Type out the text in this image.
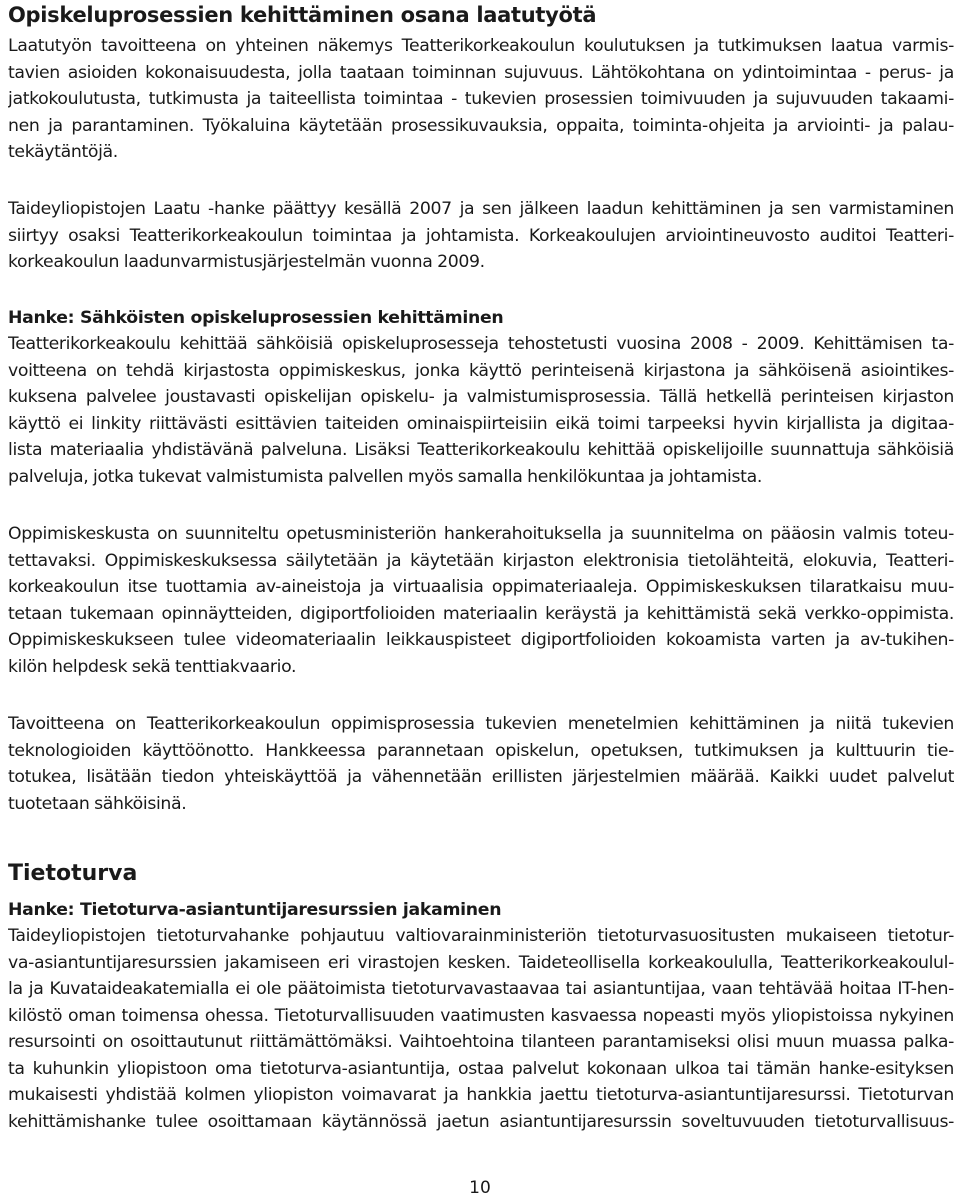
Opiskeluprosessien kehittäminen osana laatutyötä
Laatutyön tavoitteena on yhteinen näkemys Teatterikorkeakoulun koulutuksen ja tutkimuksen laatua varmis-
tavien asioiden kokonaisuudesta, jolla taataan toiminnan sujuvuus. Lähtökohtana on ydintoimintaa - perus- ja
jatkokoulutusta, tutkimusta ja taiteellista toimintaa - tukevien prosessien toimivuuden ja sujuvuuden takaami-
nen ja parantaminen. Työkaluina käytetään prosessikuvauksia, oppaita, toiminta-ohjeita ja arviointi- ja palau-
tekäytäntöjä.
Taideyliopistojen Laatu -hanke päättyy kesällä 2007 ja sen jälkeen laadun kehittäminen ja sen varmistaminen
siirtyy osaksi Teatterikorkeakoulun toimintaa ja johtamista. Korkeakoulujen arviointineuvosto auditoi Teatteri-
korkeakoulun laadunvarmistusjärjestelmän vuonna 2009.
Hanke: Sähköisten opiskeluprosessien kehittäminen
Teatterikorkeakoulu kehittää sähköisiä opiskeluprosesseja tehostetusti vuosina 2008 - 2009. Kehittämisen ta-
voitteena on tehdä kirjastosta oppimiskeskus, jonka käyttö perinteisenä kirjastona ja sähköisenä asiointikes-
kuksena palvelee joustavasti opiskelijan opiskelu- ja valmistumisprosessia. Tällä hetkellä perinteisen kirjaston
käyttö ei linkity riittävästi esittävien taiteiden ominaispiirteisiin eikä toimi tarpeeksi hyvin kirjallista ja digitaa-
lista materiaalia yhdistävänä palveluna. Lisäksi Teatterikorkeakoulu kehittää opiskelijoille suunnattuja sähköisiä
palveluja, jotka tukevat valmistumista palvellen myös samalla henkilökuntaa ja johtamista.
Oppimiskeskusta on suunniteltu opetusministeriön hankerahoituksella ja suunnitelma on pääosin valmis toteu-
tettavaksi. Oppimiskeskuksessa säilytetään ja käytetään kirjaston elektronisia tietolähteitä, elokuvia, Teatteri-
korkeakoulun itse tuottamia av-aineistoja ja virtuaalisia oppimateriaaleja. Oppimiskeskuksen tilaratkaisu muu-
tetaan tukemaan opinnäytteiden, digiportfolioiden materiaalin keräystä ja kehittämistä sekä verkko-oppimista.
Oppimiskeskukseen tulee videomateriaalin leikkauspisteet digiportfolioiden kokoamista varten ja av-tukihen-
kilön helpdesk sekä tenttiakvaario.
Tavoitteena on Teatterikorkeakoulun oppimisprosessia tukevien menetelmien kehittäminen ja niitä tukevien
teknologioiden käyttöönotto. Hankkeessa parannetaan opiskelun, opetuksen, tutkimuksen ja kulttuurin tie-
totukea, lisätään tiedon yhteiskäyttöä ja vähennetään erillisten järjestelmien määrää. Kaikki uudet palvelut
tuotetaan sähköisinä.
Tietoturva
Hanke: Tietoturva-asiantuntijaresurssien jakaminen
Taideyliopistojen tietoturvahanke pohjautuu valtiovarainministeriön tietoturvasuositusten mukaiseen tietotur-
va-asiantuntijaresurssien jakamiseen eri virastojen kesken. Taideteollisella korkeakoululla, Teatterikorkeakoulul-
la ja Kuvataideakatemialla ei ole päätoimista tietoturvavastaavaa tai asiantuntijaa, vaan tehtävää hoitaa IT-hen-
kilöstö oman toimensa ohessa. Tietoturvallisuuden vaatimusten kasvaessa nopeasti myös yliopistoissa nykyinen
resursointi on osoittautunut riittämättömäksi. Vaihtoehtoina tilanteen parantamiseksi olisi muun muassa palka-
ta kuhunkin yliopistoon oma tietoturva-asiantuntija, ostaa palvelut kokonaan ulkoa tai tämän hanke-esityksen
mukaisesti yhdistää kolmen yliopiston voimavarat ja hankkia jaettu tietoturva-asiantuntijaresurssi. Tietoturvan
kehittämishanke tulee osoittamaan käytännössä jaetun asiantuntijaresurssin soveltuvuuden tietoturvallisuus-
10
